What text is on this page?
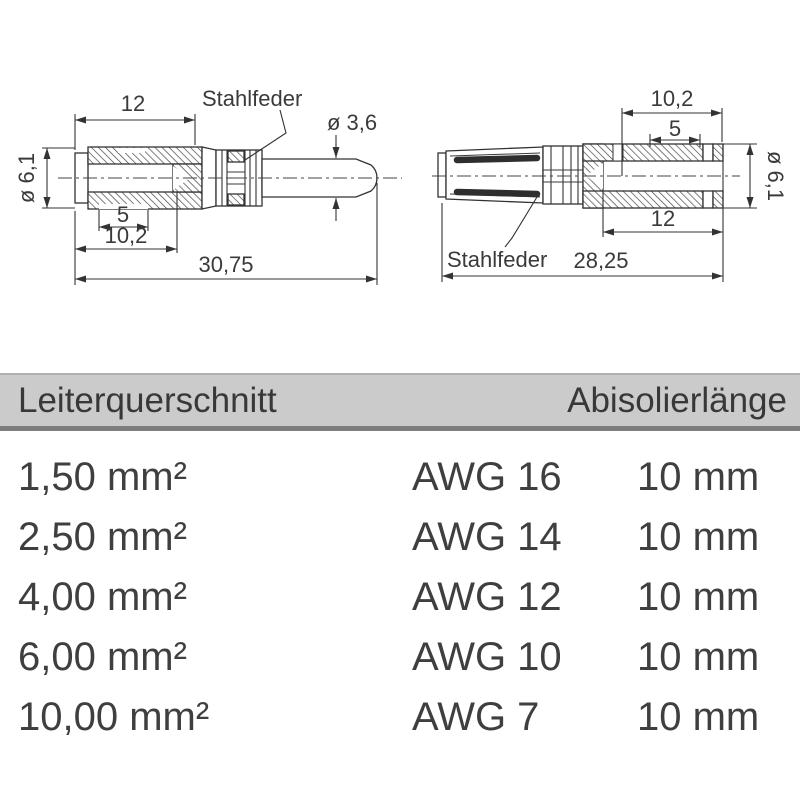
12	Stahlfeder
ø 3,6
ø 6,1
5
10,2
30,75
10,2
5
ø 6,1
12
Stahlfeder 28,25
Leiterquerschnitt	Abisolierlänge
1,50 mm²	AWG 16	10 mm
2,50 mm²	AWG 14	10 mm
4,00 mm²	AWG 12	10 mm
6,00 mm²	AWG 10	10 mm
10,00 mm²	AWG 7	10 mm
